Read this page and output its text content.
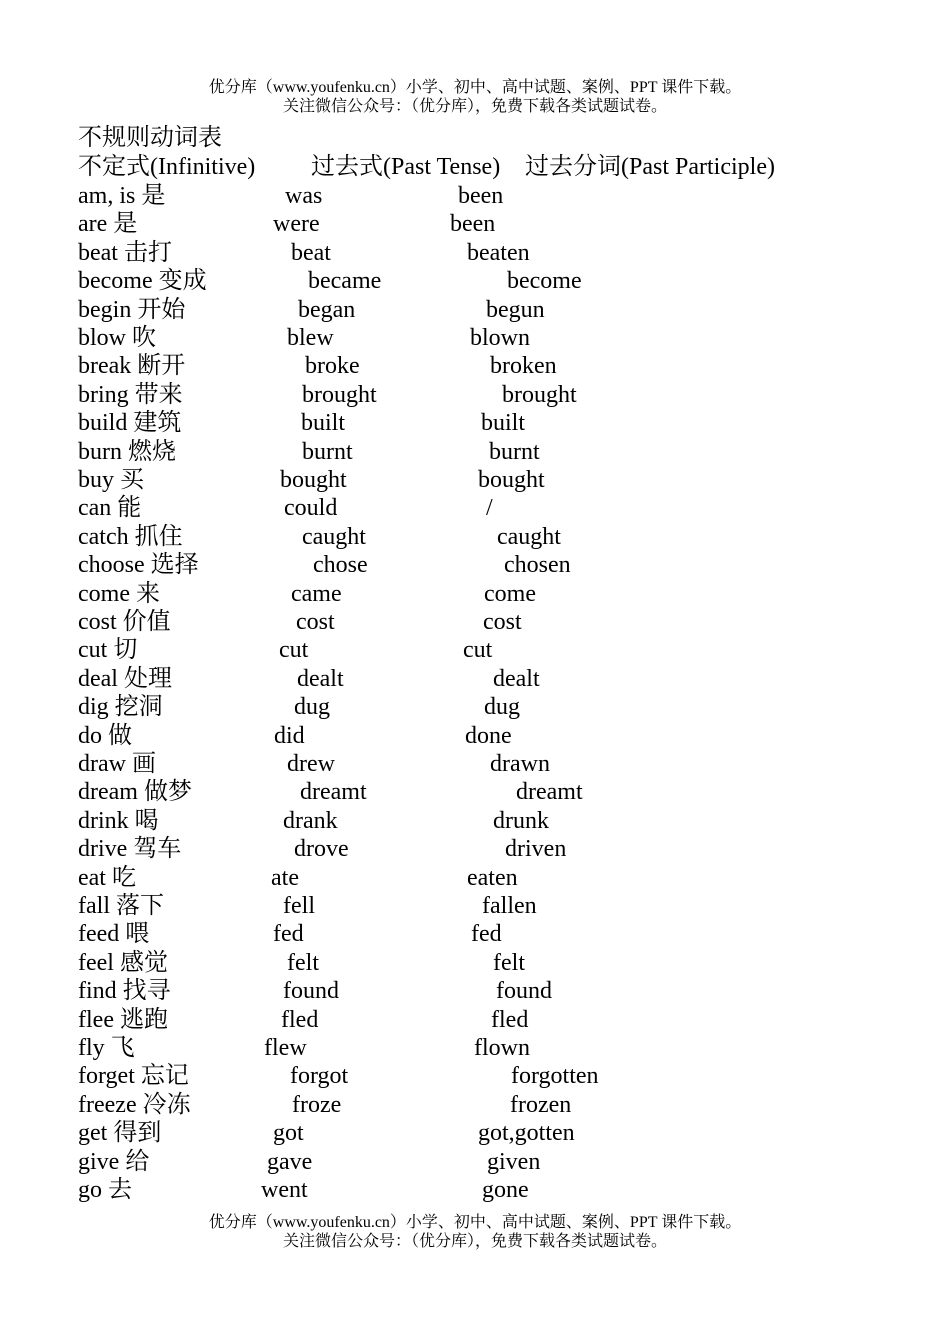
优分库（www.youfenku.cn）小学、初中、高中试题、案例、PPT 课件下载。
关注微信公众号：（优分库），免费下载各类试题试卷。
不规则动词表
不定式(Infinitive) 过去式(Past Tense) 过去分词(Past Participle)
am, is 是	was	been
are 是	were	been
beat 击打	beat	beaten
become 变成	became	become
begin 开始	began	begun
blow 吹	blew	blown
break 断开	broke	broken
bring 带来	brought	brought
build 建筑	built	built
burn 燃烧	burnt	burnt
buy 买	bought	bought
can 能	could	/
catch 抓住	caught	caught
choose 选择	chose	chosen
come 来	came	come
cost 价值	cost	cost
cut 切	cut	cut
deal 处理	dealt	dealt
dig 挖洞	dug	dug
do 做	did	done
draw 画	drew	drawn
dream 做梦	dreamt	dreamt
drink 喝	drank	drunk
drive 驾车	drove	driven
eat 吃	ate	eaten
fall 落下	fell	fallen
feed 喂	fed	fed
feel 感觉	felt	felt
find 找寻	found	found
flee 逃跑	fled	fled
fly 飞	flew	flown
forget 忘记	forgot	forgotten
freeze 冷冻	froze	frozen
get 得到	got	got,gotten
give 给	gave	given
go 去	went	gone
优分库（www.youfenku.cn）小学、初中、高中试题、案例、PPT 课件下载。
关注微信公众号：（优分库），免费下载各类试题试卷。
